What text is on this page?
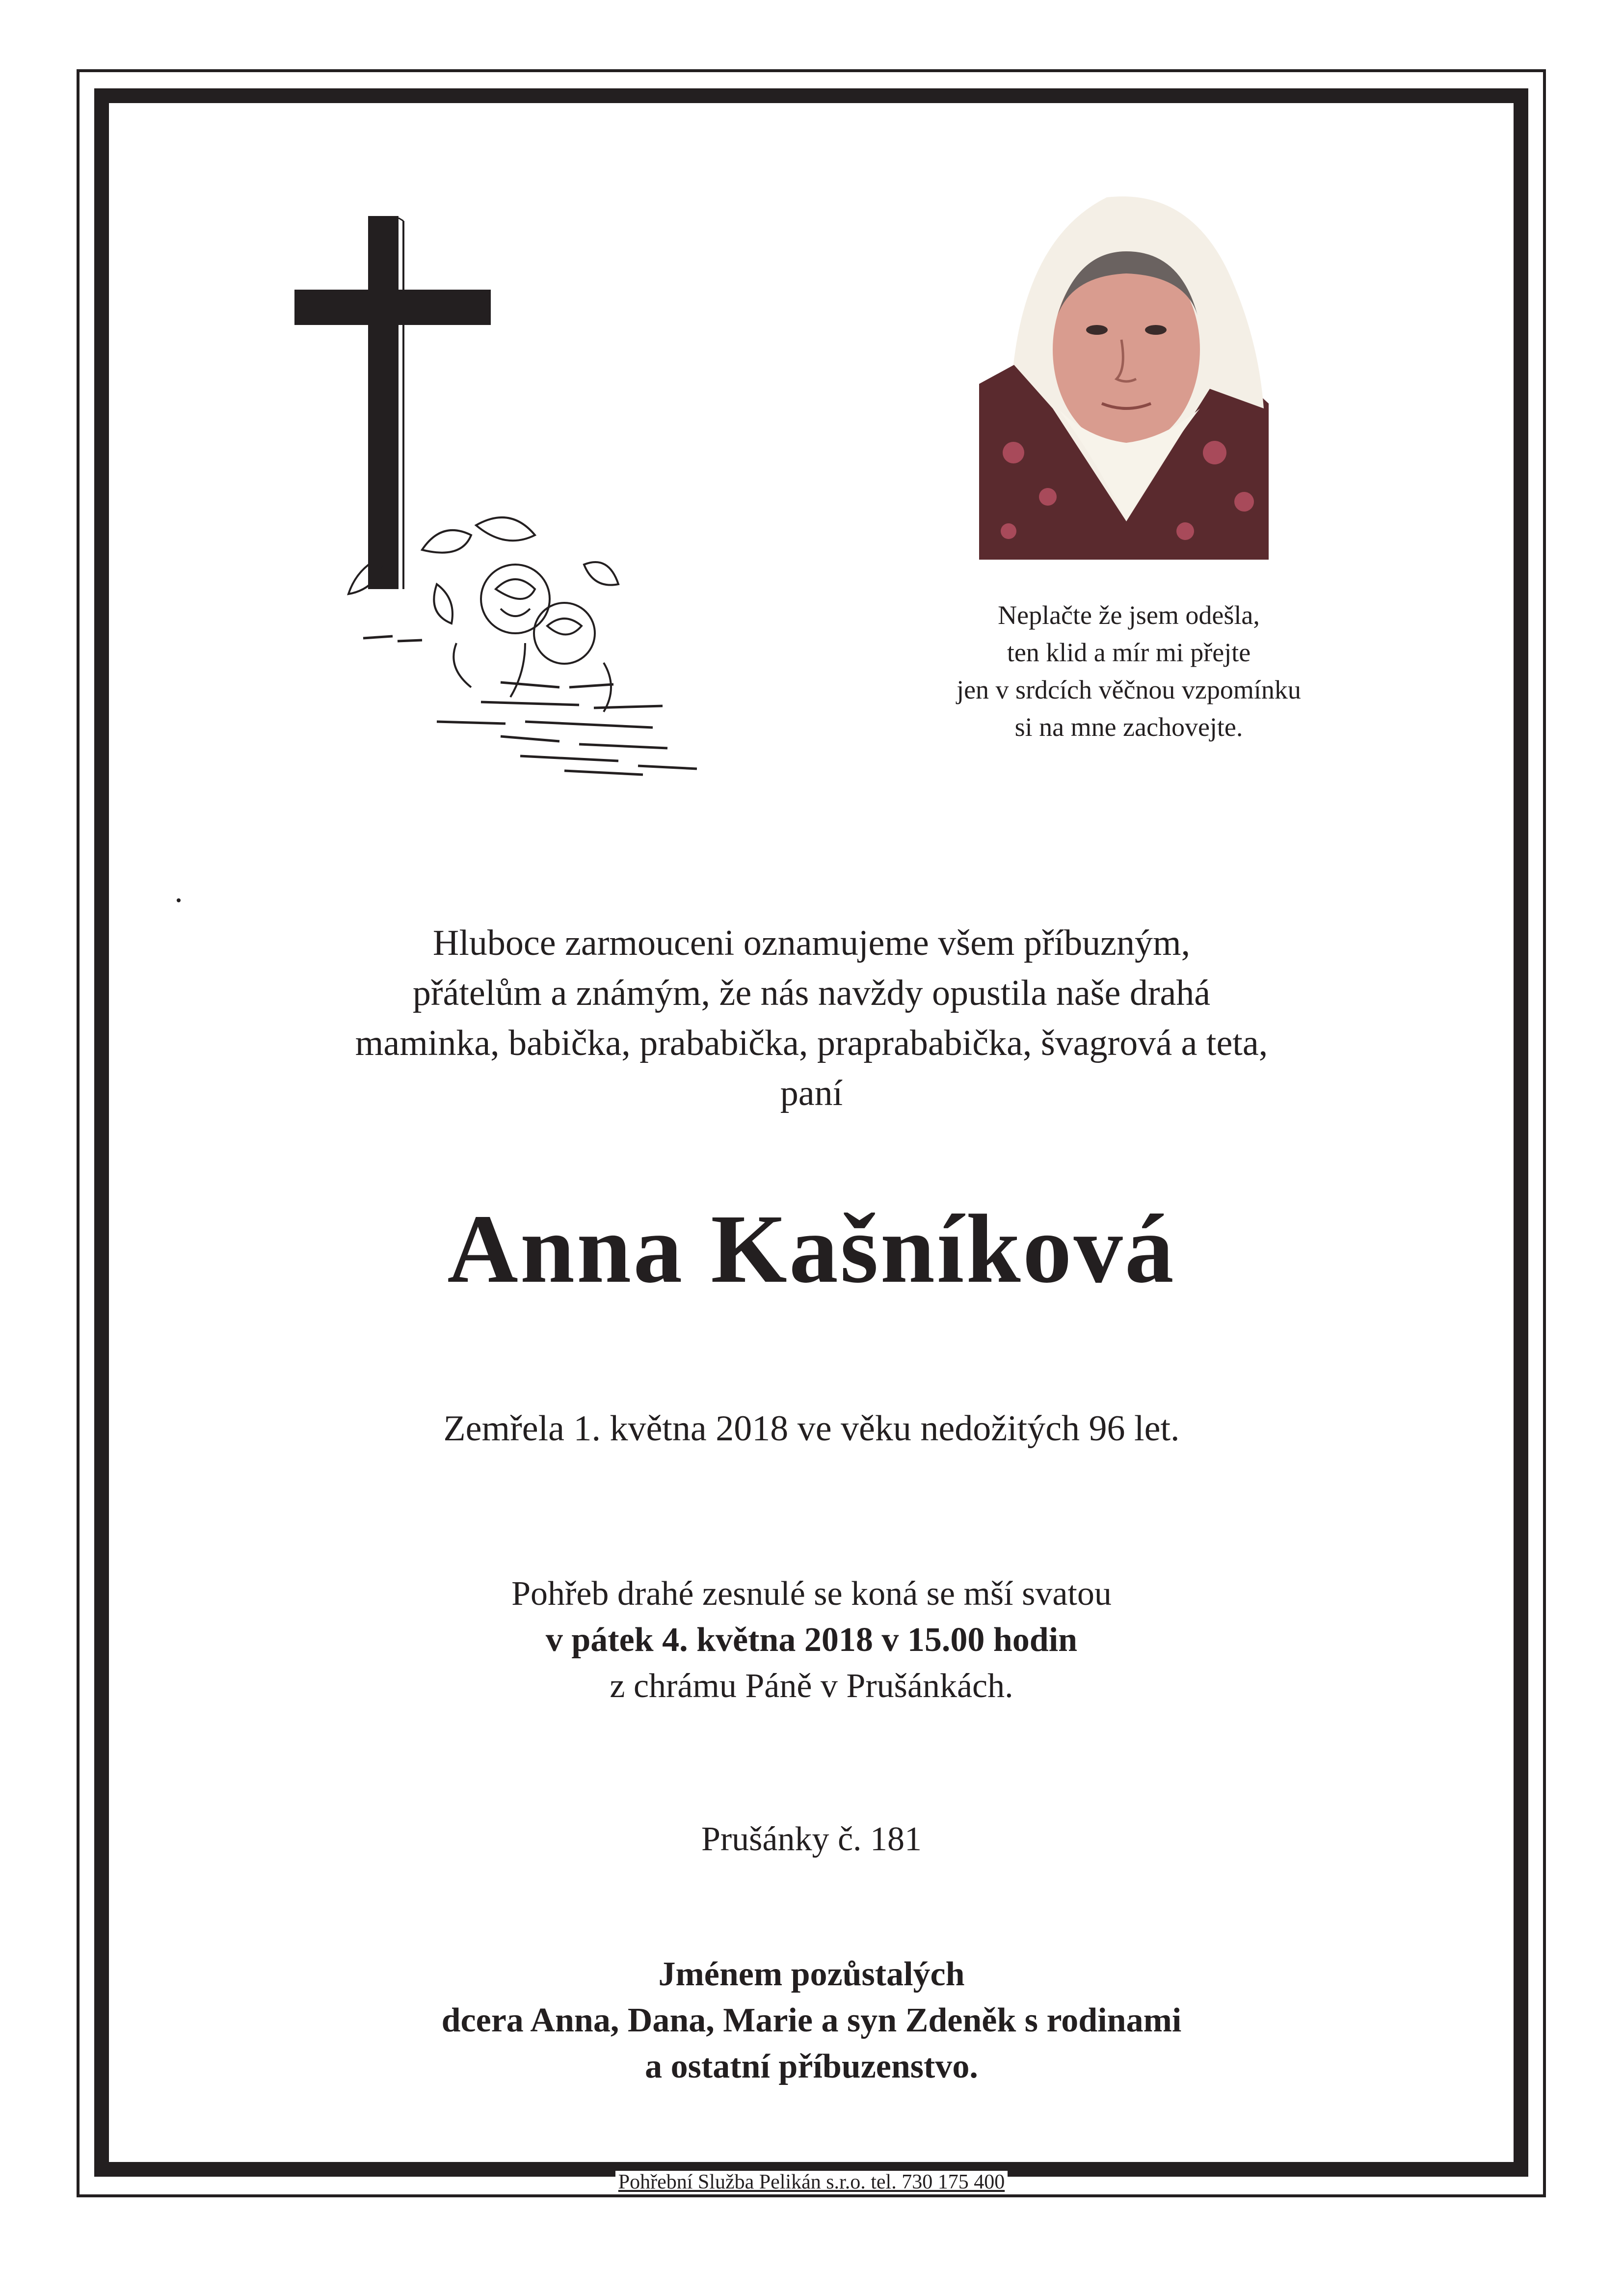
Neplačte že jsem odešla,
ten klid a mír mi přejte
jen v srdcích věčnou vzpomínku
si na mne zachovejte.
Hluboce zarmouceni oznamujeme všem příbuzným,
přátelům a známým, že nás navždy opustila naše drahá
maminka, babička, prababička, praprababička, švagrová a teta,
paní
Anna Kašníková
Zemřela 1. května 2018 ve věku nedožitých 96 let.
Pohřeb drahé zesnulé se koná se mší svatou
v pátek 4. května 2018 v 15.00 hodin
z chrámu Páně v Prušánkách.
Prušánky č. 181
Jménem pozůstalých
dcera Anna, Dana, Marie a syn Zdeněk s rodinami
a ostatní příbuzenstvo.
Pohřební Služba Pelikán s.r.o. tel. 730 175 400
